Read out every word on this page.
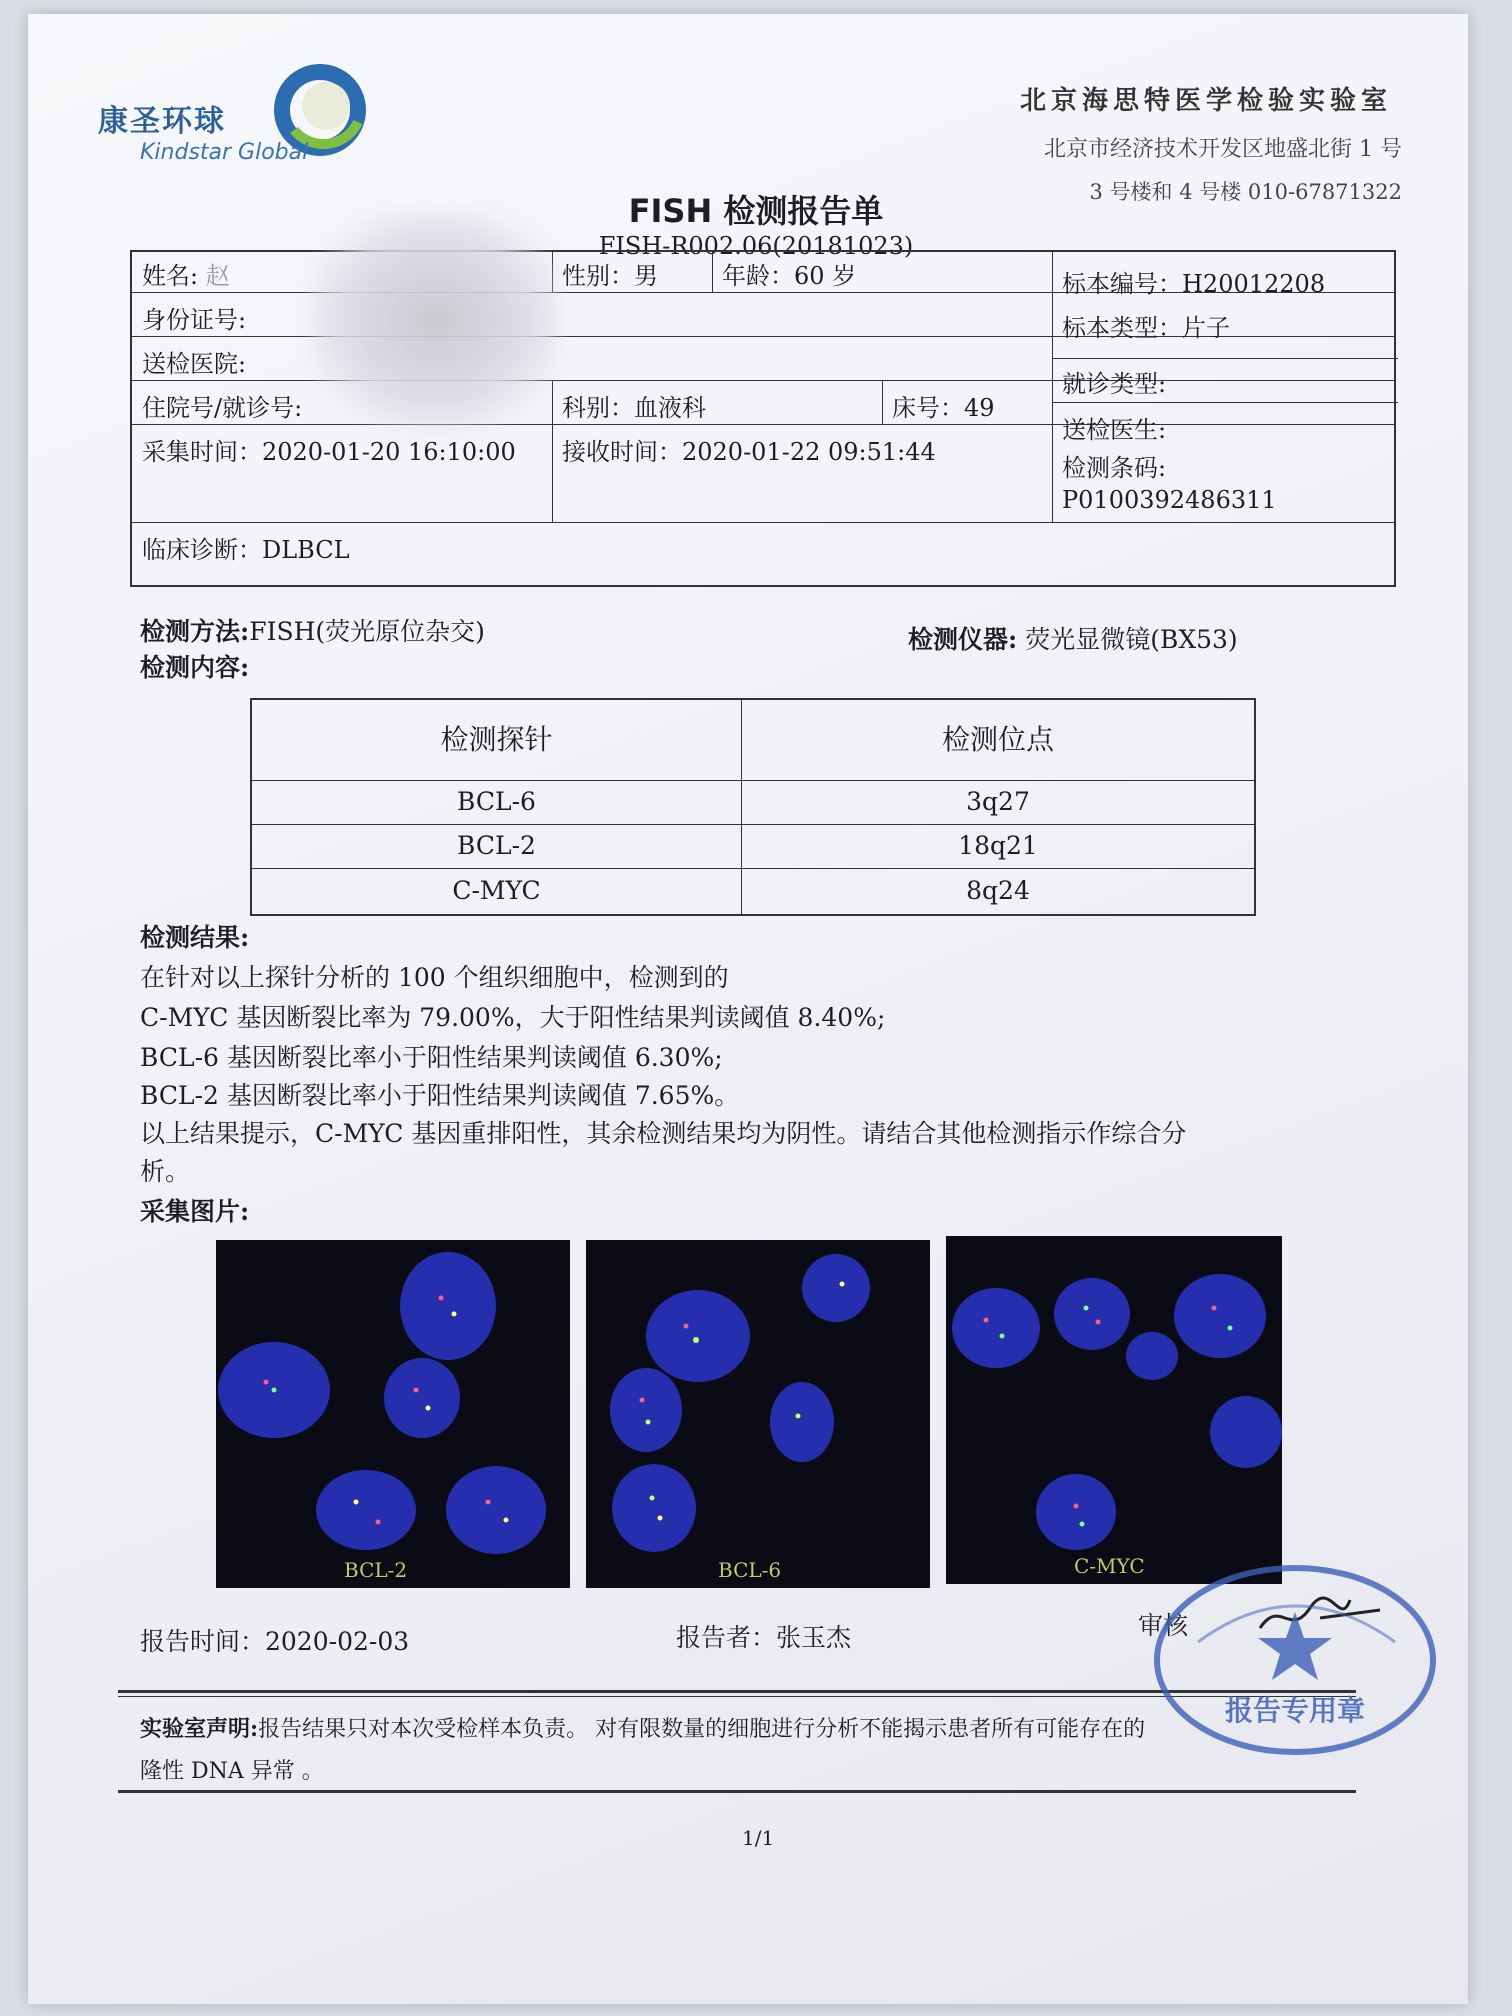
康圣环球
Kindstar Global
北京海思特医学检验实验室
北京市经济技术开发区地盛北街 1 号
3 号楼和 4 号楼 010-67871322
FISH 检测报告单
FISH-R002.06(20181023)
姓名: 赵	性别：男	年龄：60 岁	标本编号：H20012208
身份证号:	标本类型：片子
送检医院:
就诊类型:
住院号/就诊号:	科别：血液科	床号：49
送检医生:
采集时间：2020-01-20 16:10:00	接收时间：2020-01-22 09:51:44
检测条码:
P0100392486311
临床诊断：DLBCL
检测方法:FISH(荧光原位杂交)	检测仪器: 荧光显微镜(BX53)
检测内容:
检测探针	检测位点
BCL-6	3q27
BCL-2	18q21
C-MYC	8q24
检测结果:
在针对以上探针分析的 100 个组织细胞中，检测到的
C-MYC 基因断裂比率为 79.00%，大于阳性结果判读阈值 8.40%;
BCL-6 基因断裂比率小于阳性结果判读阈值 6.30%;
BCL-2 基因断裂比率小于阳性结果判读阈值 7.65%。
以上结果提示，C-MYC 基因重排阳性，其余检测结果均为阴性。请结合其他检测指示作综合分
析。
采集图片:
BCL-2	BCL-6	C-MYC
报告时间：2020-02-03	报告者：张玉杰	审核
实验室声明:报告结果只对本次受检样本负责。 对有限数量的细胞进行分析不能揭示患者所有可能存在的
隆性 DNA 异常 。
1/1
报告专用章
